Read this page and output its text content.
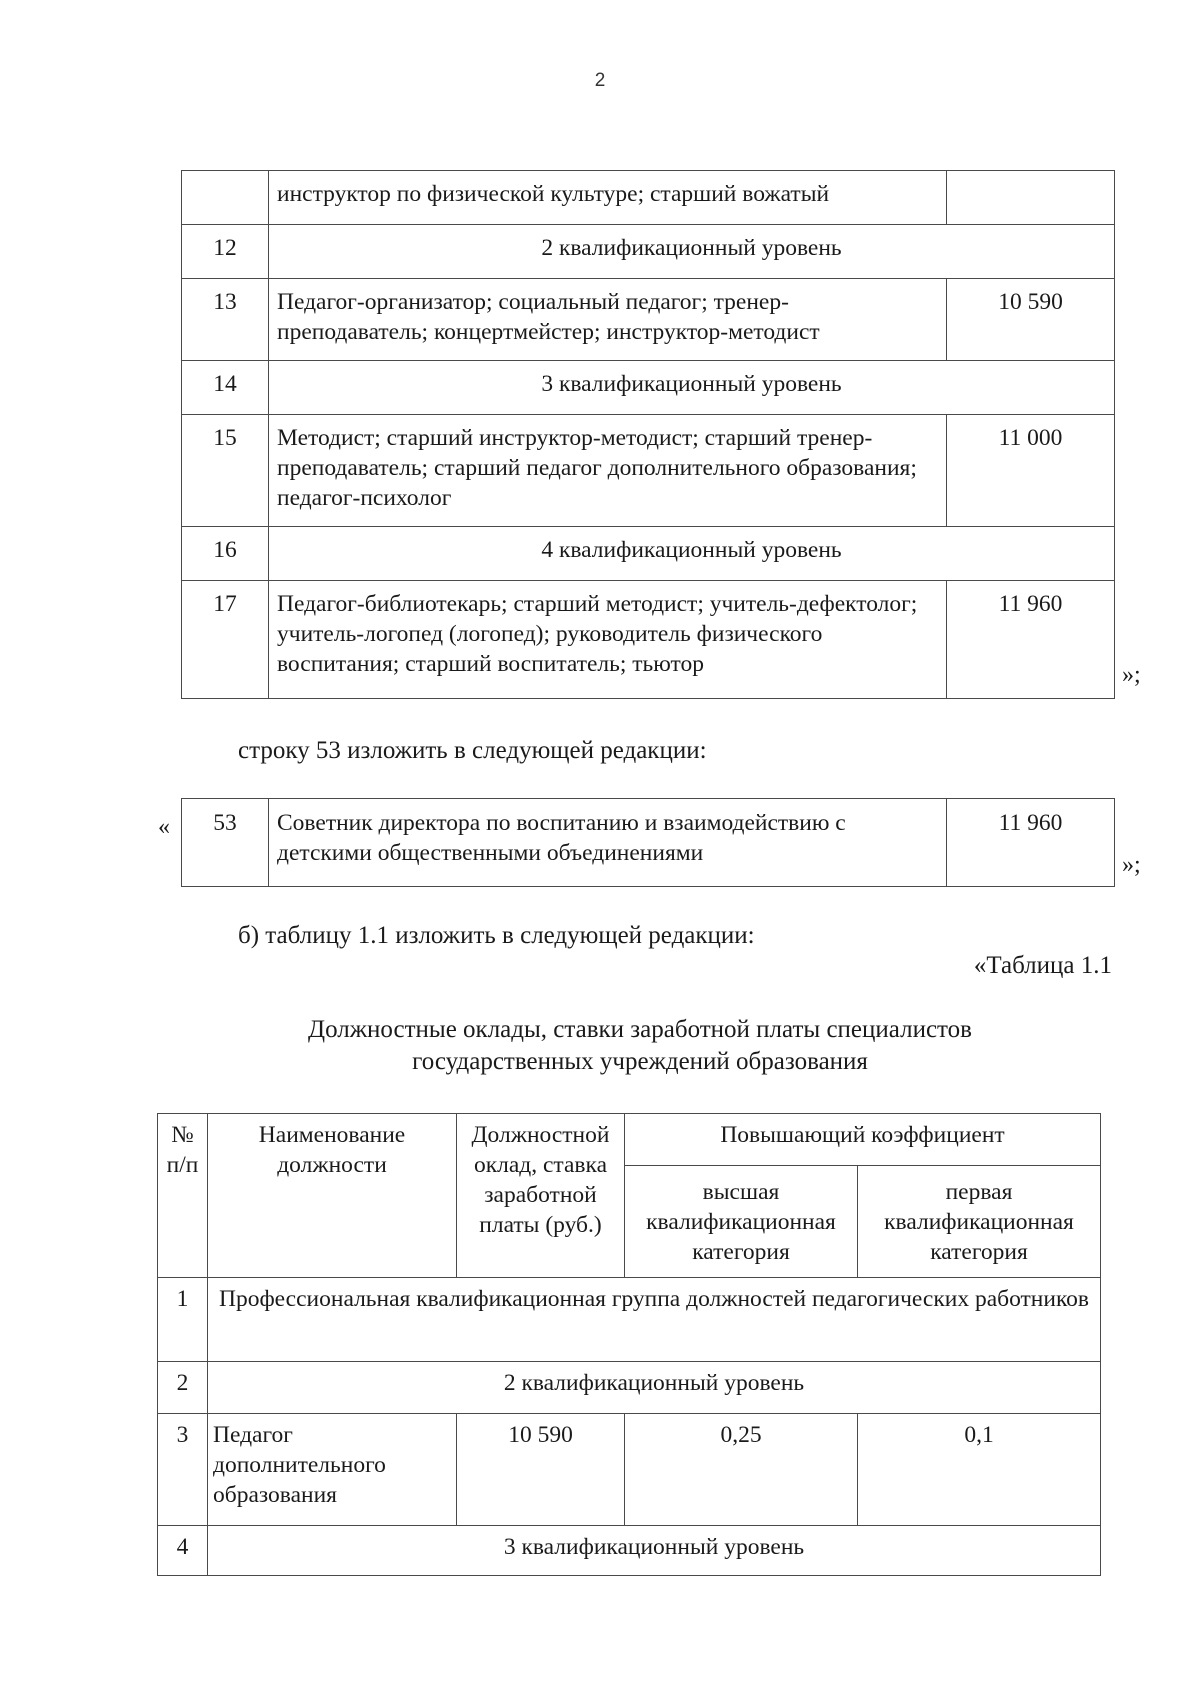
2
	инструктор по физической культуре; старший вожатый	
12	2 квалификационный уровень	
13	Педагог-организатор; социальный педагог; тренер-преподаватель; концертмейстер; инструктор-методист	10 590
14	3 квалификационный уровень	
15	Методист; старший инструктор-методист; старший тренер-преподаватель; старший педагог дополнительного образования; педагог-психолог	11 000
16	4 квалификационный уровень	
17	Педагог-библиотекарь; старший методист; учитель-дефектолог; учитель-логопед (логопед); руководитель физического воспитания; старший воспитатель; тьютор	11 960
»;
строку 53 изложить в следующей редакции:
« 53	Советник директора по воспитанию и взаимодействию с детскими общественными объединениями	11 960
»;
б) таблицу 1.1 изложить в следующей редакции:
«Таблица 1.1
Должностные оклады, ставки заработной платы специалистов
государственных учреждений образования
№ п/п	Наименование должности	Должностной оклад, ставка заработной платы (руб.)	Повышающий коэффициент	
			высшая квалификационная категория	первая квалификационная категория
1	Профессиональная квалификационная группа должностей педагогических работников			
2	2 квалификационный уровень			
3	Педагог дополнительного образования	10 590	0,25	0,1
4	3 квалификационный уровень			
